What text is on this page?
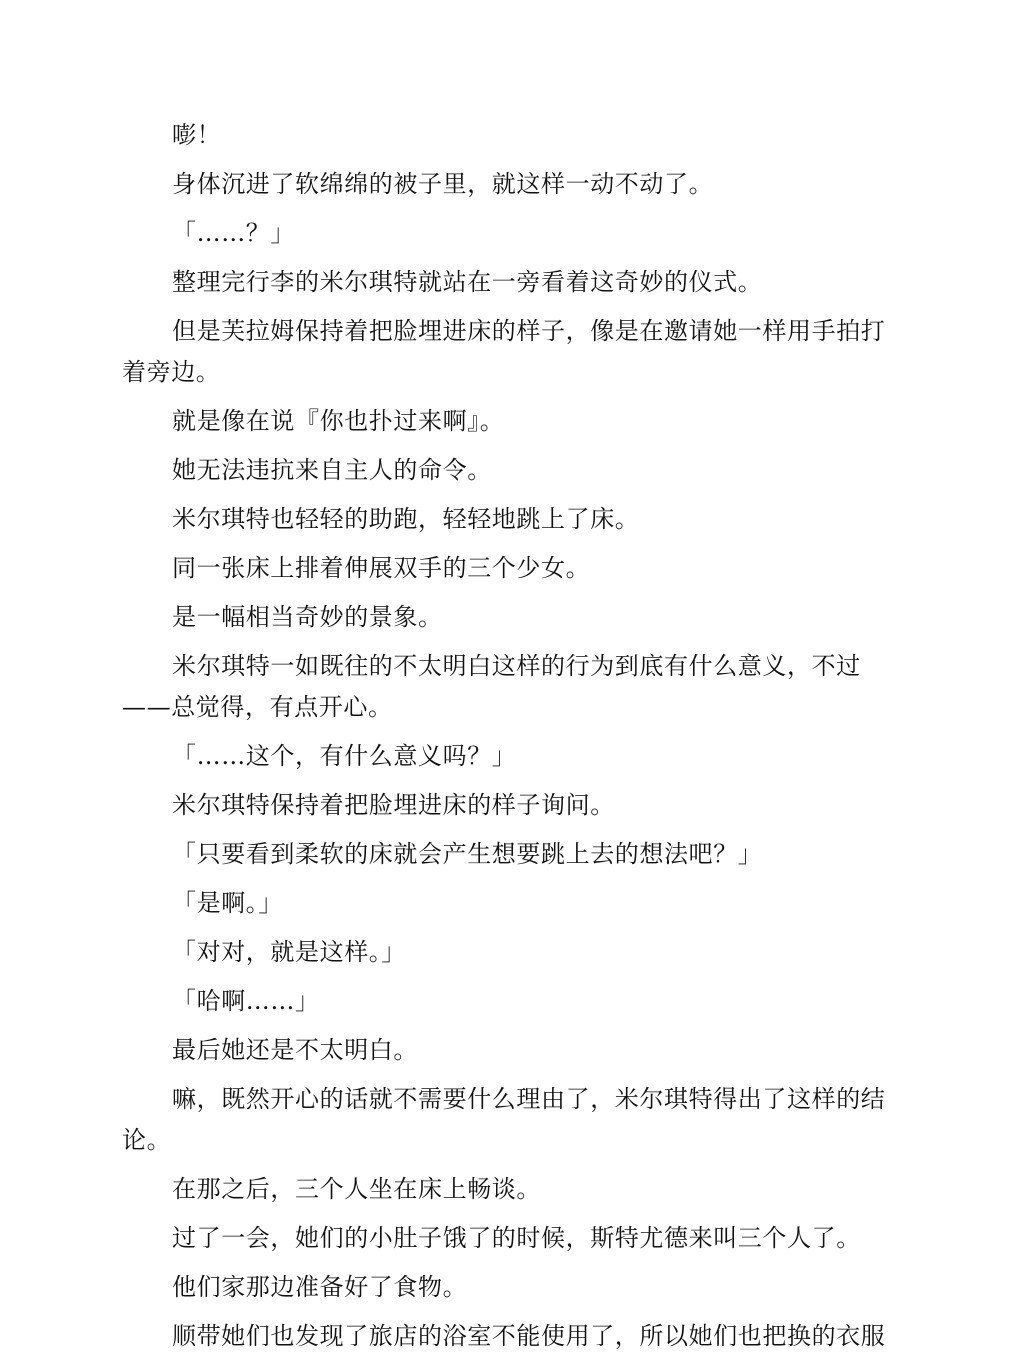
嘭！

身体沉进了软绵绵的被子里，就这样一动不动了。

「……？」

整理完行李的米尔琪特就站在一旁看着这奇妙的仪式。

但是芙拉姆保持着把脸埋进床的样子，像是在邀请她一样用手拍打着旁边。

就是像在说『你也扑过来啊』。

她无法违抗来自主人的命令。

米尔琪特也轻轻的助跑，轻轻地跳上了床。

同一张床上排着伸展双手的三个少女。

是一幅相当奇妙的景象。

米尔琪特一如既往的不太明白这样的行为到底有什么意义，不过——总觉得，有点开心。

「……这个，有什么意义吗？」

米尔琪特保持着把脸埋进床的样子询问。

「只要看到柔软的床就会产生想要跳上去的想法吧？」

「是啊。」

「对对，就是这样。」

「哈啊……」

最后她还是不太明白。

嘛，既然开心的话就不需要什么理由了，米尔琪特得出了这样的结论。

在那之后，三个人坐在床上畅谈。

过了一会，她们的小肚子饿了的时候，斯特尤德来叫三个人了。

他们家那边准备好了食物。

顺带她们也发现了旅店的浴室不能使用了，所以她们也把换的衣服
